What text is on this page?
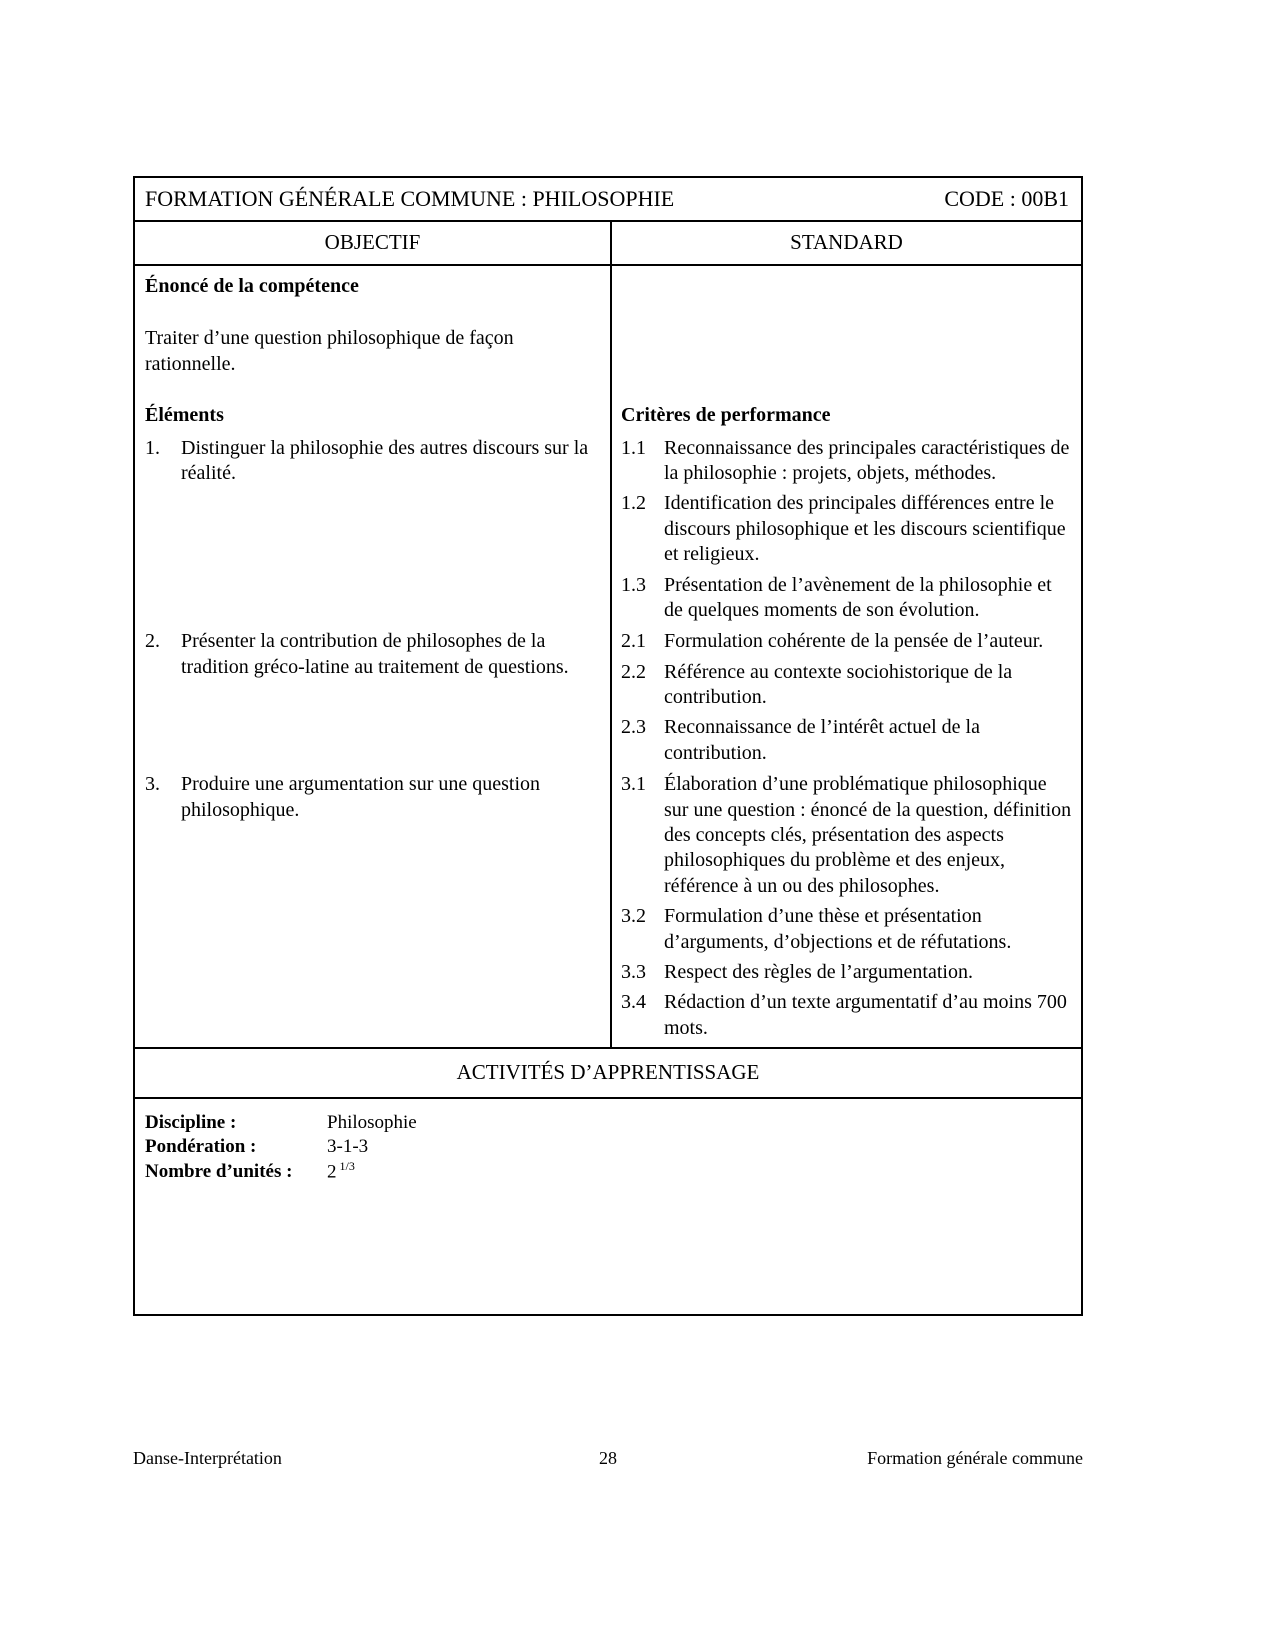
FORMATION GÉNÉRALE COMMUNE : PHILOSOPHIE	CODE : 00B1
OBJECTIF	STANDARD
Énoncé de la compétence
Traiter d’une question philosophique de façon rationnelle.
Éléments	Critères de performance
1.	Distinguer la philosophie des autres discours sur la réalité.
1.1 Reconnaissance des principales caractéristiques de la philosophie : projets, objets, méthodes.
1.2 Identification des principales différences entre le discours philosophique et les discours scientifique et religieux.
1.3 Présentation de l’avènement de la philosophie et de quelques moments de son évolution.
2.	Présenter la contribution de philosophes de la tradition gréco-latine au traitement de questions.
2.1 Formulation cohérente de la pensée de l’auteur.
2.2 Référence au contexte sociohistorique de la contribution.
2.3 Reconnaissance de l’intérêt actuel de la contribution.
3.	Produire une argumentation sur une question philosophique.
3.1 Élaboration d’une problématique philosophique sur une question : énoncé de la question, définition des concepts clés, présentation des aspects philosophiques du problème et des enjeux, référence à un ou des philosophes.
3.2 Formulation d’une thèse et présentation d’arguments, d’objections et de réfutations.
3.3 Respect des règles de l’argumentation.
3.4 Rédaction d’un texte argumentatif d’au moins 700 mots.
ACTIVITÉS D’APPRENTISSAGE
Discipline :	Philosophie
Pondération :	3-1-3
Nombre d’unités :	2 $^{1/3}$
Danse-Interprétation	28	Formation générale commune
